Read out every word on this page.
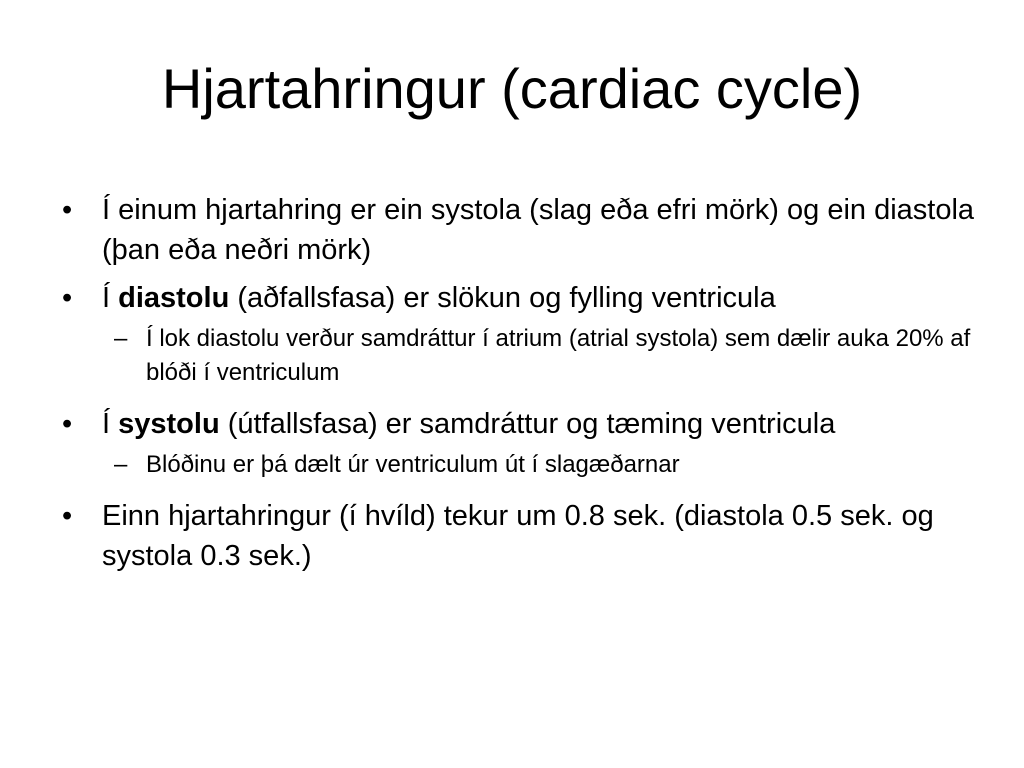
Hjartahringur (cardiac cycle)
• Í einum hjartahring er ein systola (slag eða efri mörk) og ein diastola (þan eða neðri mörk)
• Í diastolu (aðfallsfasa) er slökun og fylling ventricula
– Í lok diastolu verður samdráttur í atrium (atrial systola) sem dælir auka 20% af blóði í ventriculum
• Í systolu (útfallsfasa) er samdráttur og tæming ventricula
– Blóðinu er þá dælt úr ventriculum út í slagæðarnar
• Einn hjartahringur (í hvíld) tekur um 0.8 sek. (diastola 0.5 sek. og systola 0.3 sek.)
